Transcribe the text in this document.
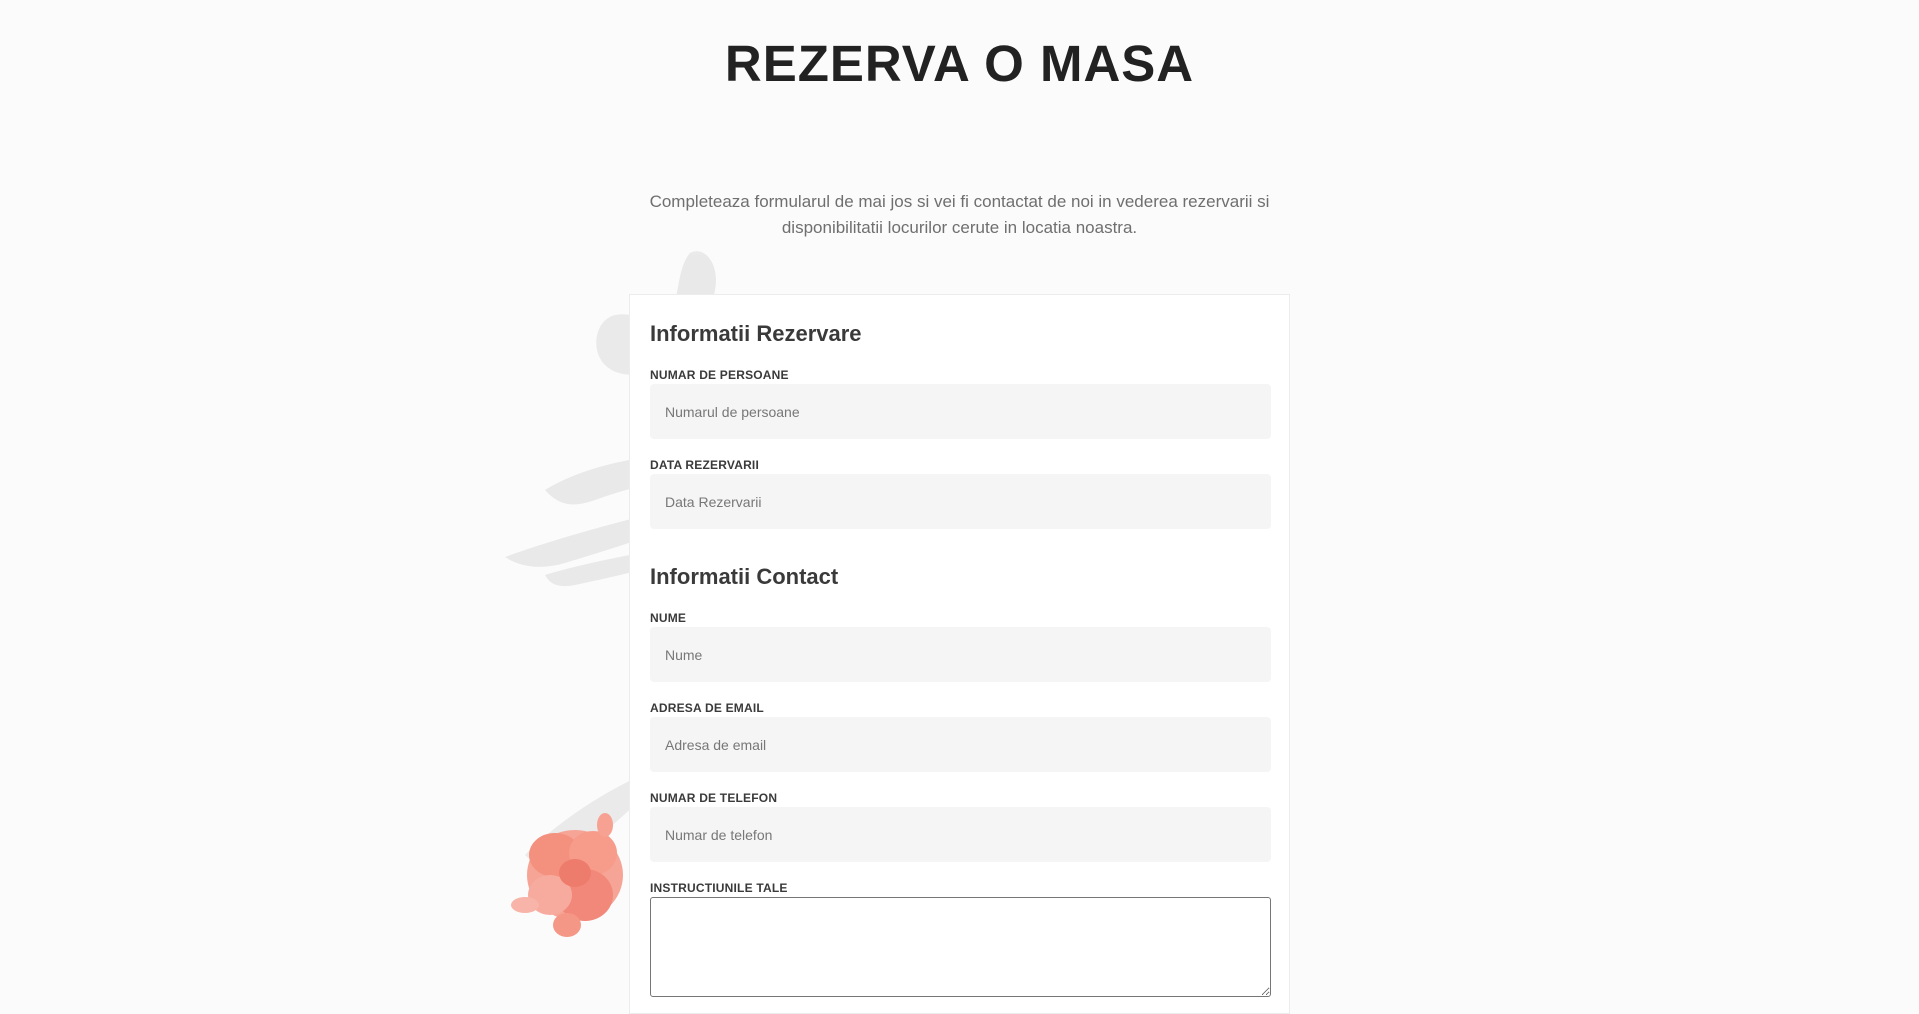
REZERVA O MASA

Completeaza formularul de mai jos si vei fi contactat de noi in vederea rezervarii si disponibilitatii locurilor cerute in locatia noastra.

Informatii Rezervare
NUMAR DE PERSOANE
Numarul de persoane
DATA REZERVARII
Data Rezervarii
Informatii Contact
NUME
Nume
ADRESA DE EMAIL
Adresa de email
NUMAR DE TELEFON
Numar de telefon
INSTRUCTIUNILE TALE
